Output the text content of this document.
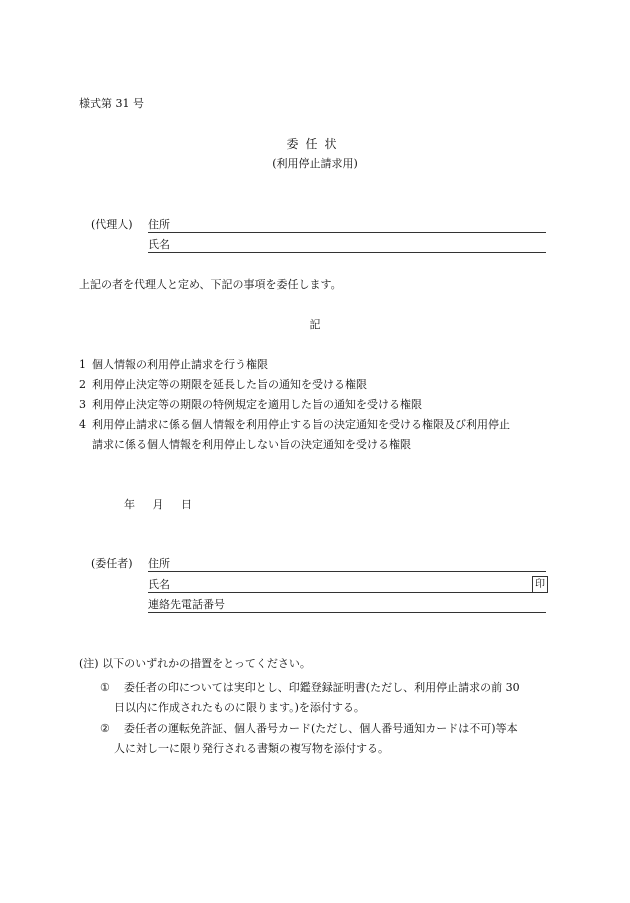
様式第 31 号
委任状
(利用停止請求用)
(代理人) 住所
氏名
上記の者を代理人と定め、下記の事項を委任します。
記
1 個人情報の利用停止請求を行う権限
2 利用停止決定等の期限を延長した旨の通知を受ける権限
3 利用停止決定等の期限の特例規定を適用した旨の通知を受ける権限
4 利用停止請求に係る個人情報を利用停止する旨の決定通知を受ける権限及び利用停止
請求に係る個人情報を利用停止しない旨の決定通知を受ける権限
年 月 日
(委任者) 住所
氏名	印
連絡先電話番号
(注) 以下のいずれかの措置をとってください。
① 委任者の印については実印とし、印鑑登録証明書(ただし、利用停止請求の前 30
日以内に作成されたものに限ります。)を添付する。
② 委任者の運転免許証、個人番号カード(ただし、個人番号通知カードは不可)等本
人に対し一に限り発行される書類の複写物を添付する。
